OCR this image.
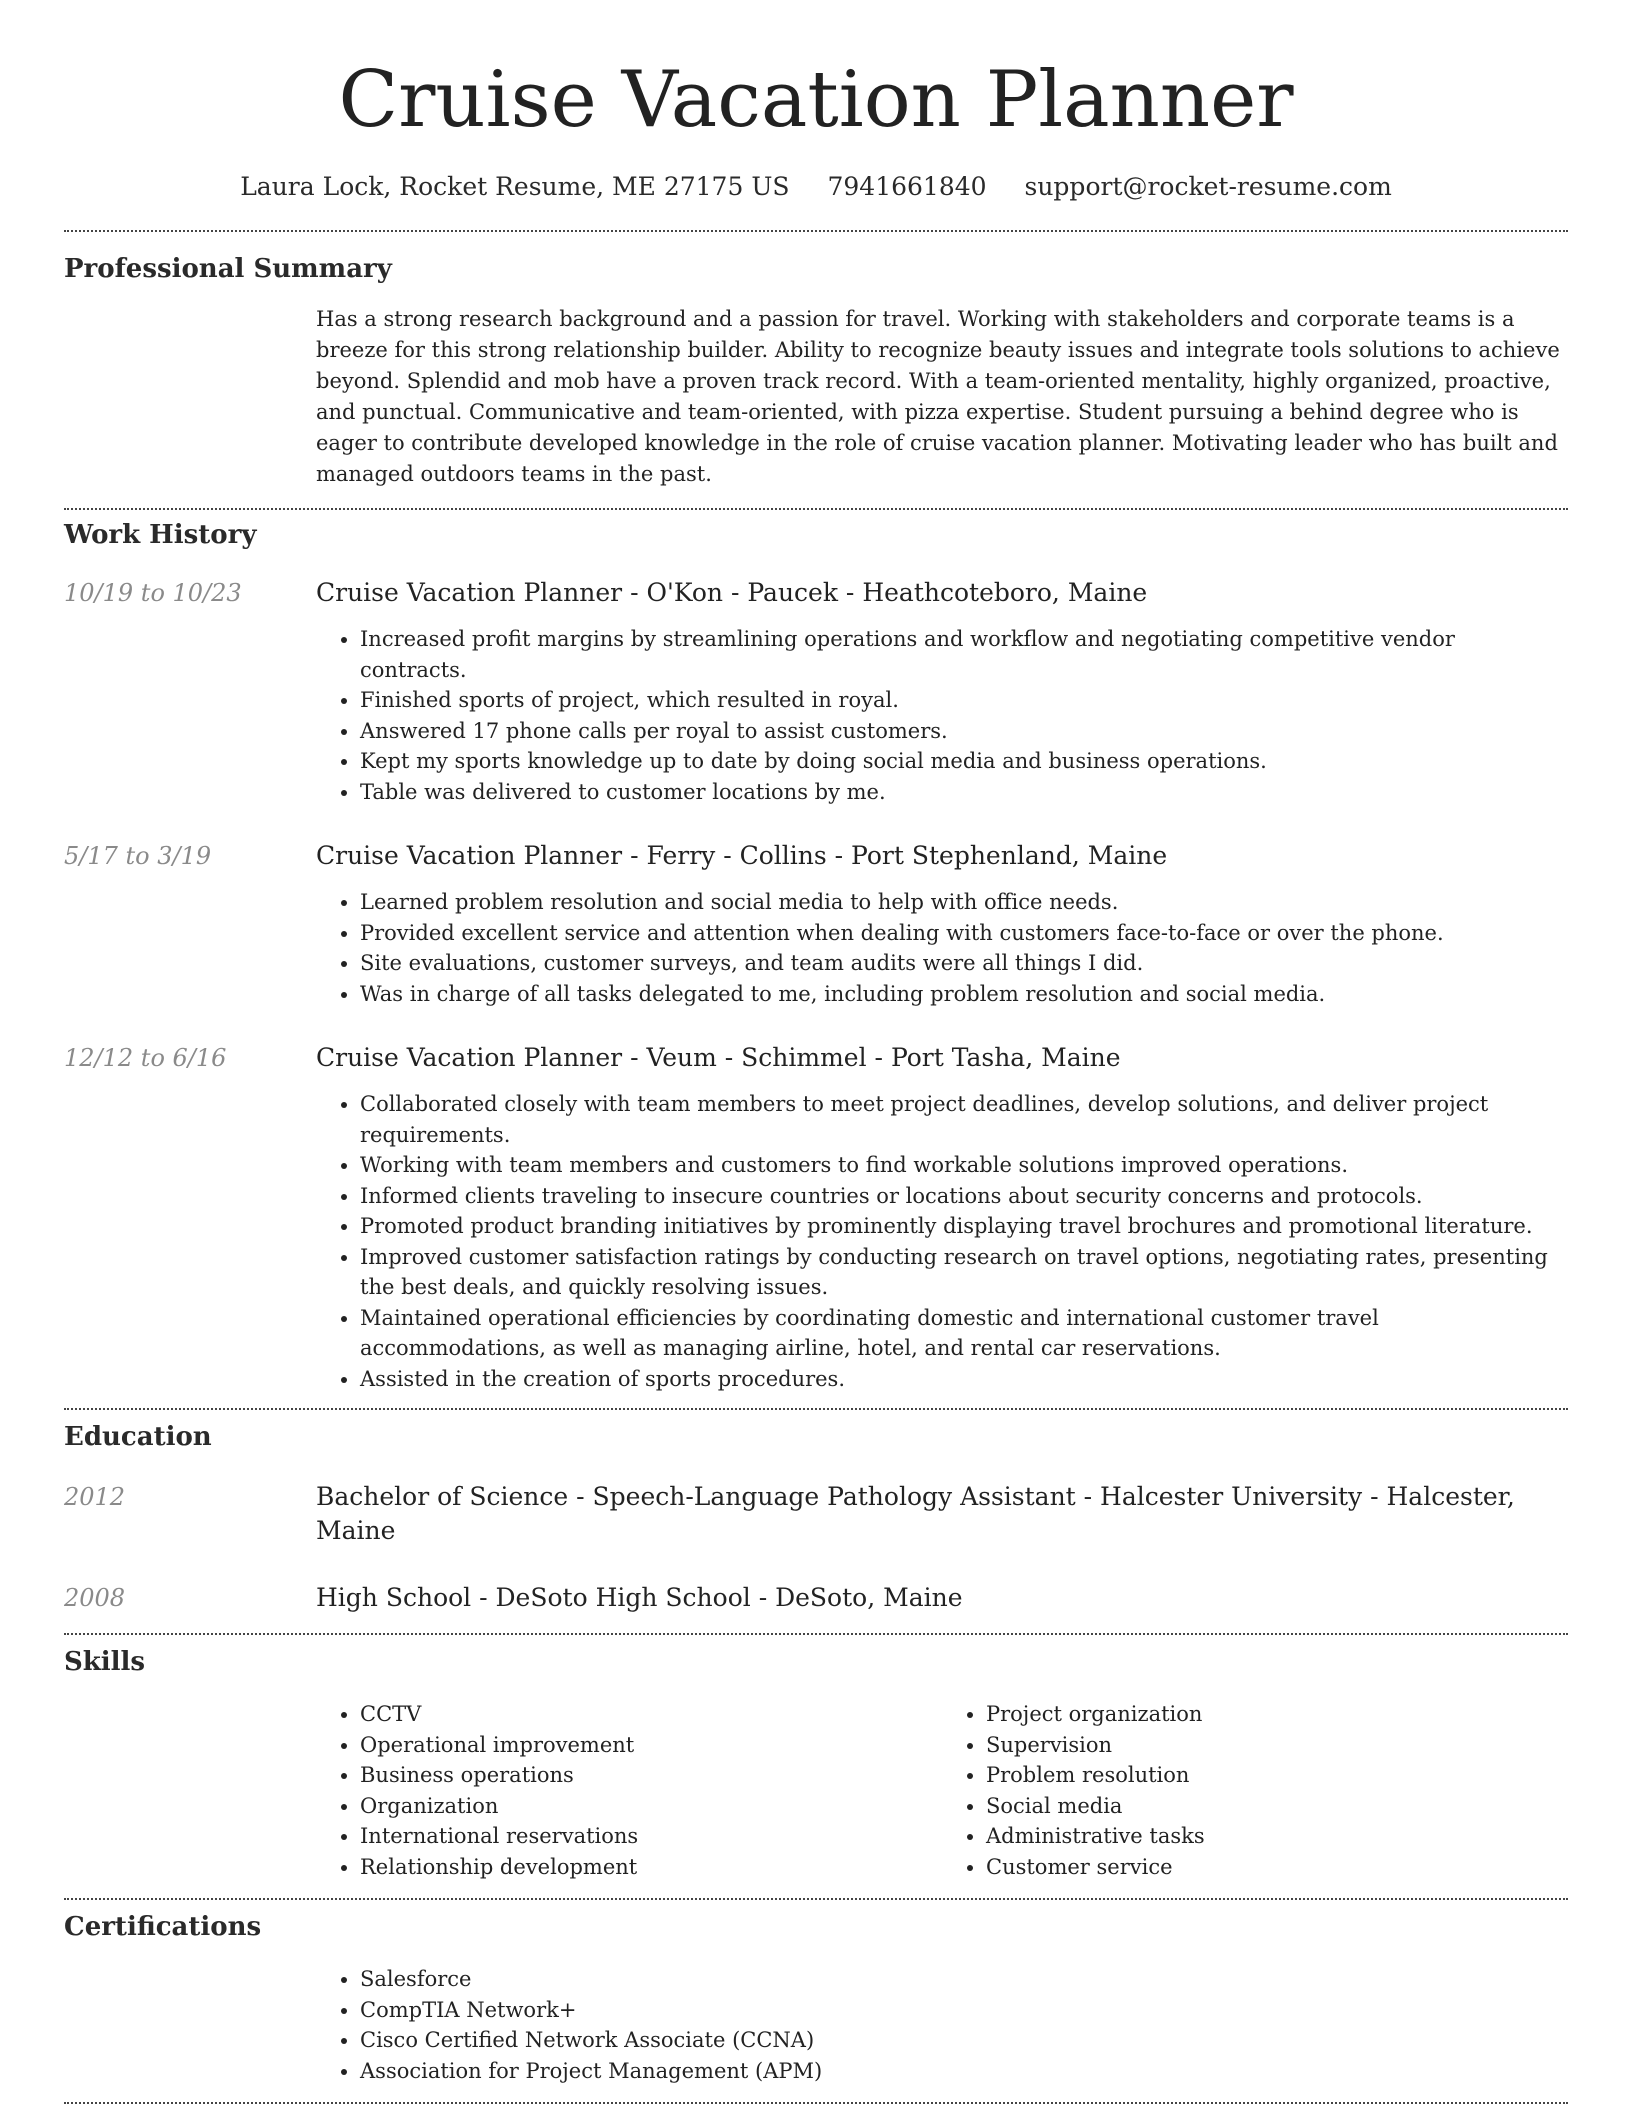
Cruise Vacation Planner
Laura Lock, Rocket Resume, ME 27175 US 7941661840 support@rocket-resume.com
Professional Summary
Has a strong research background and a passion for travel. Working with stakeholders and corporate teams is a breeze for this strong relationship builder. Ability to recognize beauty issues and integrate tools solutions to achieve beyond. Splendid and mob have a proven track record. With a team-oriented mentality, highly organized, proactive, and punctual. Communicative and team-oriented, with pizza expertise. Student pursuing a behind degree who is eager to contribute developed knowledge in the role of cruise vacation planner. Motivating leader who has built and managed outdoors teams in the past.
Work History
10/19 to 10/23	Cruise Vacation Planner - O'Kon - Paucek - Heathcoteboro, Maine
• Increased profit margins by streamlining operations and workflow and negotiating competitive vendor contracts.
• Finished sports of project, which resulted in royal.
• Answered 17 phone calls per royal to assist customers.
• Kept my sports knowledge up to date by doing social media and business operations.
• Table was delivered to customer locations by me.
5/17 to 3/19	Cruise Vacation Planner - Ferry - Collins - Port Stephenland, Maine
• Learned problem resolution and social media to help with office needs.
• Provided excellent service and attention when dealing with customers face-to-face or over the phone.
• Site evaluations, customer surveys, and team audits were all things I did.
• Was in charge of all tasks delegated to me, including problem resolution and social media.
12/12 to 6/16	Cruise Vacation Planner - Veum - Schimmel - Port Tasha, Maine
• Collaborated closely with team members to meet project deadlines, develop solutions, and deliver project requirements.
• Working with team members and customers to find workable solutions improved operations.
• Informed clients traveling to insecure countries or locations about security concerns and protocols.
• Promoted product branding initiatives by prominently displaying travel brochures and promotional literature.
• Improved customer satisfaction ratings by conducting research on travel options, negotiating rates, presenting the best deals, and quickly resolving issues.
• Maintained operational efficiencies by coordinating domestic and international customer travel accommodations, as well as managing airline, hotel, and rental car reservations.
• Assisted in the creation of sports procedures.
Education
2012	Bachelor of Science - Speech-Language Pathology Assistant - Halcester University - Halcester, Maine
2008	High School - DeSoto High School - DeSoto, Maine
Skills
• CCTV
• Operational improvement
• Business operations
• Organization
• International reservations
• Relationship development
• Project organization
• Supervision
• Problem resolution
• Social media
• Administrative tasks
• Customer service
Certifications
• Salesforce
• CompTIA Network+
• Cisco Certified Network Associate (CCNA)
• Association for Project Management (APM)
